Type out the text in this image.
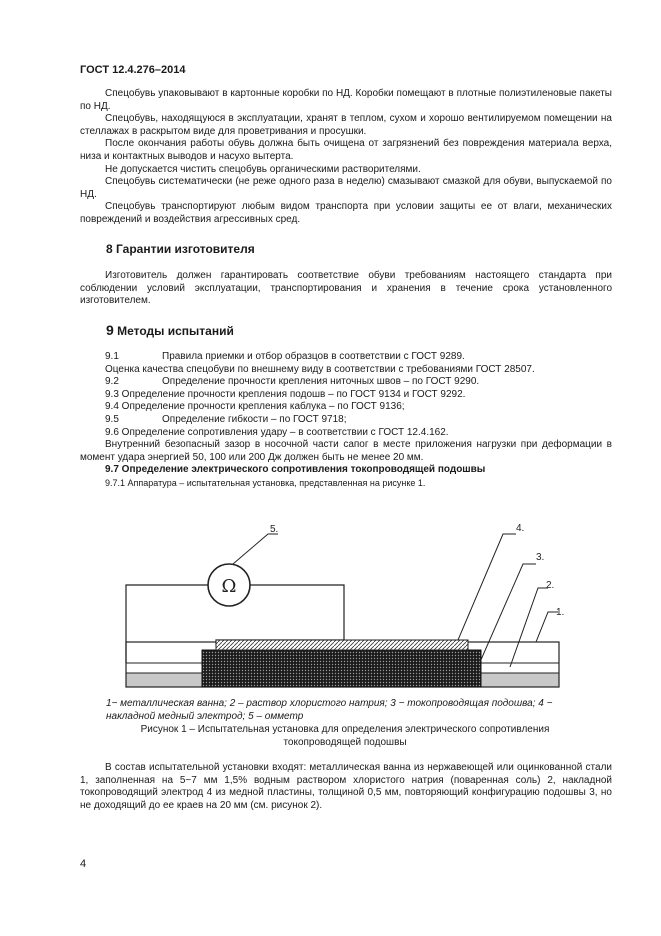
ГОСТ 12.4.276–2014

Спецобувь упаковывают в картонные коробки по НД. Коробки помещают в плотные полиэтиленовые пакеты по НД.

Спецобувь, находящуюся в эксплуатации, хранят в теплом, сухом и хорошо вентилируемом помещении на стеллажах в раскрытом виде для проветривания и просушки.

После окончания работы обувь должна быть очищена от загрязнений без повреждения материала верха, низа и контактных выводов и насухо вытерта.

Не допускается чистить спецобувь органическими растворителями.

Спецобувь систематически (не реже одного раза в неделю) смазывают смазкой для обуви, выпускаемой по НД.

Спецобувь транспортируют любым видом транспорта при условии защиты ее от влаги, механических повреждений и воздействия агрессивных сред.

8 Гарантии изготовителя

Изготовитель должен гарантировать соответствие обуви требованиям настоящего стандарта при соблюдении условий эксплуатации, транспортирования и хранения в течение срока установленного изготовителем.

9 Методы испытаний

9.1	Правила приемки и отбор образцов в соответствии с ГОСТ 9289.

Оценка качества спецобуви по внешнему виду в соответствии с требованиями ГОСТ 28507.

9.2	Определение прочности крепления ниточных швов – по ГОСТ 9290.

9.3 Определение прочности крепления подошв – по ГОСТ 9134 и ГОСТ 9292.

9.4 Определение прочности крепления каблука – по ГОСТ 9136;

9.5	Определение гибкости – по ГОСТ 9718;

9.6 Определение сопротивления удару – в соответствии с ГОСТ 12.4.162.

Внутренний безопасный зазор в носочной части сапог в месте приложения нагрузки при деформации в момент удара энергией 50, 100 или 200 Дж должен быть не менее 20 мм.

9.7 Определение электрического сопротивления токопроводящей подошвы

9.7.1 Аппаратура – испытательная установка, представленная на рисунке 1.

Ω
1.
2.
3.
4.
5.
1− металлическая ванна; 2 – раствор хлористого натрия; 3 − токопроводящая подошва; 4 −
накладной медный электрод; 5 – омметр
Рисунок 1 – Испытательная установка для определения электрического сопротивления
токопроводящей подошвы

В состав испытательной установки входят: металлическая ванна из нержавеющей или оцинкованной стали 1, заполненная на 5−7 мм 1,5% водным раствором хлористого натрия (поваренная соль) 2, накладной токопроводящий электрод 4 из медной пластины, толщиной 0,5 мм, повторяющий конфигурацию подошвы 3, но не доходящий до ее краев на 20 мм (см. рисунок 2).

4
